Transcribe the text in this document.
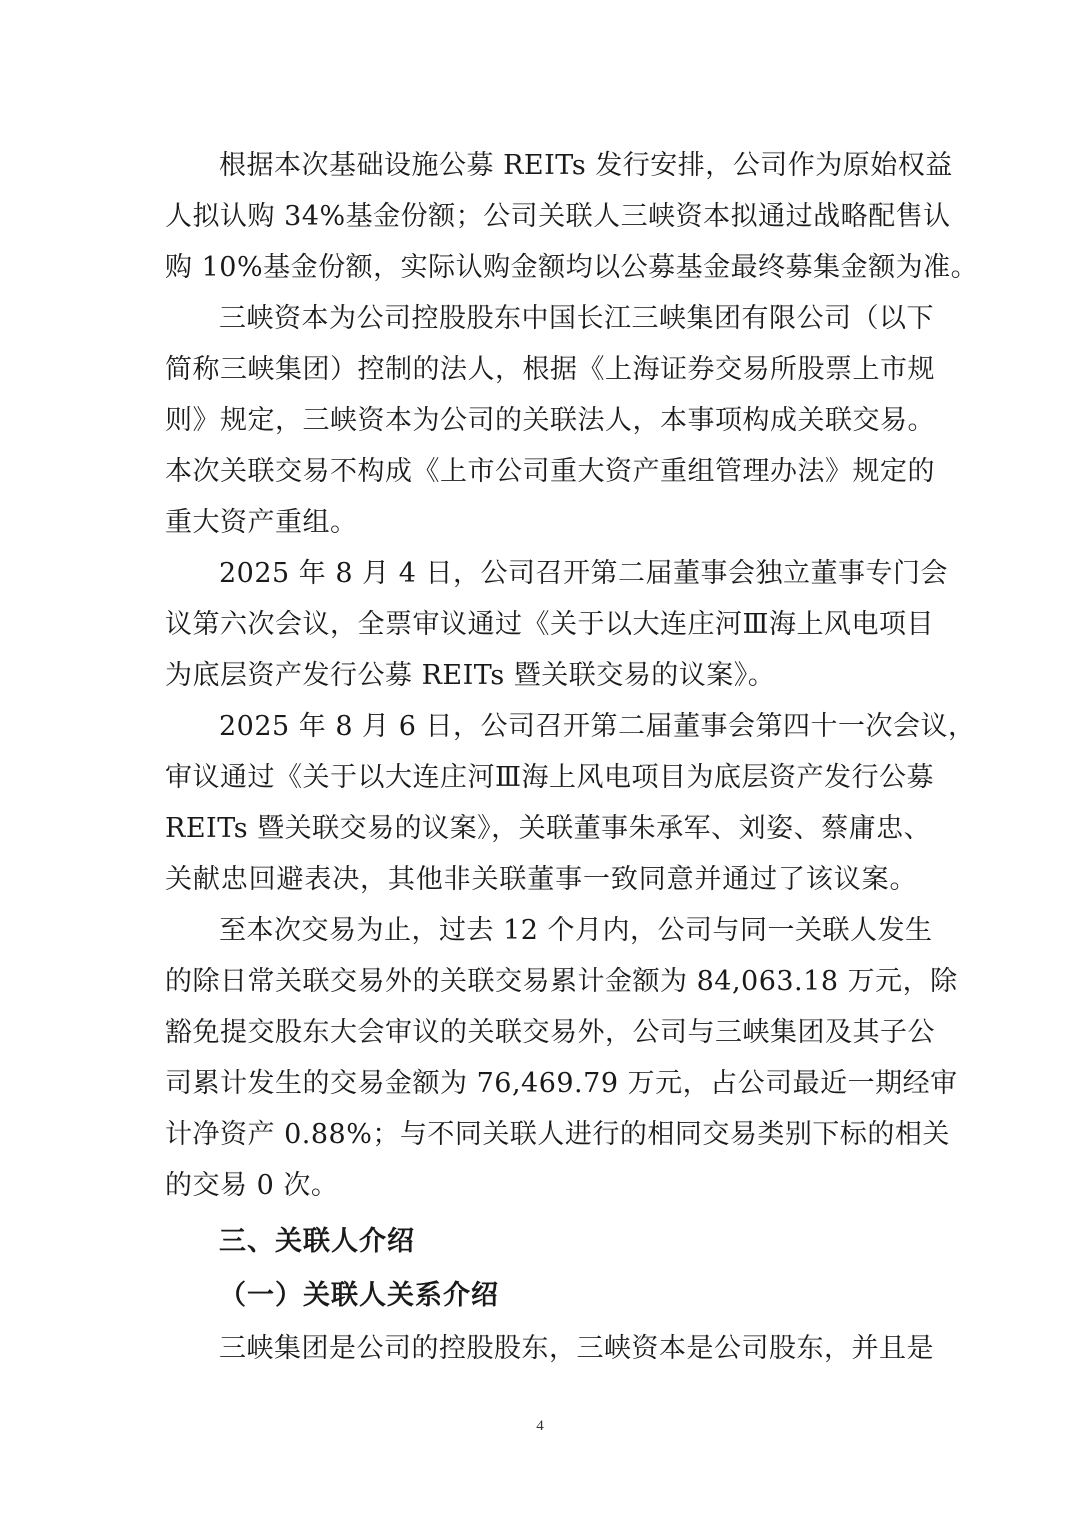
根据本次基础设施公募 REITs 发行安排，公司作为原始权益
人拟认购 34%基金份额；公司关联人三峡资本拟通过战略配售认
购 10%基金份额，实际认购金额均以公募基金最终募集金额为准。
三峡资本为公司控股股东中国长江三峡集团有限公司（以下
简称三峡集团）控制的法人，根据《上海证券交易所股票上市规
则》规定，三峡资本为公司的关联法人，本事项构成关联交易。
本次关联交易不构成《上市公司重大资产重组管理办法》规定的
重大资产重组。
2025 年 8 月 4 日，公司召开第二届董事会独立董事专门会
议第六次会议，全票审议通过《关于以大连庄河Ⅲ海上风电项目
为底层资产发行公募 REITs 暨关联交易的议案》。
2025 年 8 月 6 日，公司召开第二届董事会第四十一次会议，
审议通过《关于以大连庄河Ⅲ海上风电项目为底层资产发行公募
REITs 暨关联交易的议案》，关联董事朱承军、刘姿、蔡庸忠、
关献忠回避表决，其他非关联董事一致同意并通过了该议案。
至本次交易为止，过去 12 个月内，公司与同一关联人发生
的除日常关联交易外的关联交易累计金额为 84,063.18 万元，除
豁免提交股东大会审议的关联交易外，公司与三峡集团及其子公
司累计发生的交易金额为 76,469.79 万元，占公司最近一期经审
计净资产 0.88%；与不同关联人进行的相同交易类别下标的相关
的交易 0 次。
三、关联人介绍
（一）关联人关系介绍
三峡集团是公司的控股股东，三峡资本是公司股东，并且是
4
